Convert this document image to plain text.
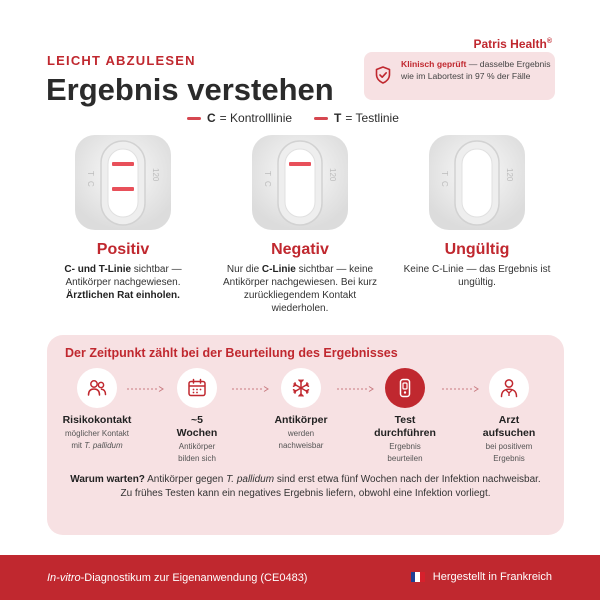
LEICHT ABZULESEN
Ergebnis verstehen
Patris Health®
Klinisch geprüft — dasselbe Ergebnis wie im Labortest in 97 % der Fälle
C = Kontrolllinie	T = Testlinie
T
C
120	T
C
120	T
C
120
Positiv
C- und T-Linie sichtbar — Antikörper nachgewiesen. Ärztlichen Rat einholen.
Negativ
Nur die C-Linie sichtbar — keine Antikörper nachgewiesen. Bei kurz zurückliegendem Kontakt wiederholen.
Ungültig
Keine C-Linie — das Ergebnis ist ungültig.
Der Zeitpunkt zählt bei der Beurteilung des Ergebnisses
Risikokontakt
möglicher Kontakt
mit T. pallidum
~5
Wochen
Antikörper
bilden sich
Antikörper
werden
nachweisbar
Test
durchführen
Ergebnis
beurteilen
Arzt
aufsuchen
bei positivem
Ergebnis
Warum warten? Antikörper gegen T. pallidum sind erst etwa fünf Wochen nach der Infektion nachweisbar. Zu frühes Testen kann ein negatives Ergebnis liefern, obwohl eine Infektion vorliegt.
In-vitro-Diagnostikum zur Eigenanwendung (CE0483)	Hergestellt in Frankreich
